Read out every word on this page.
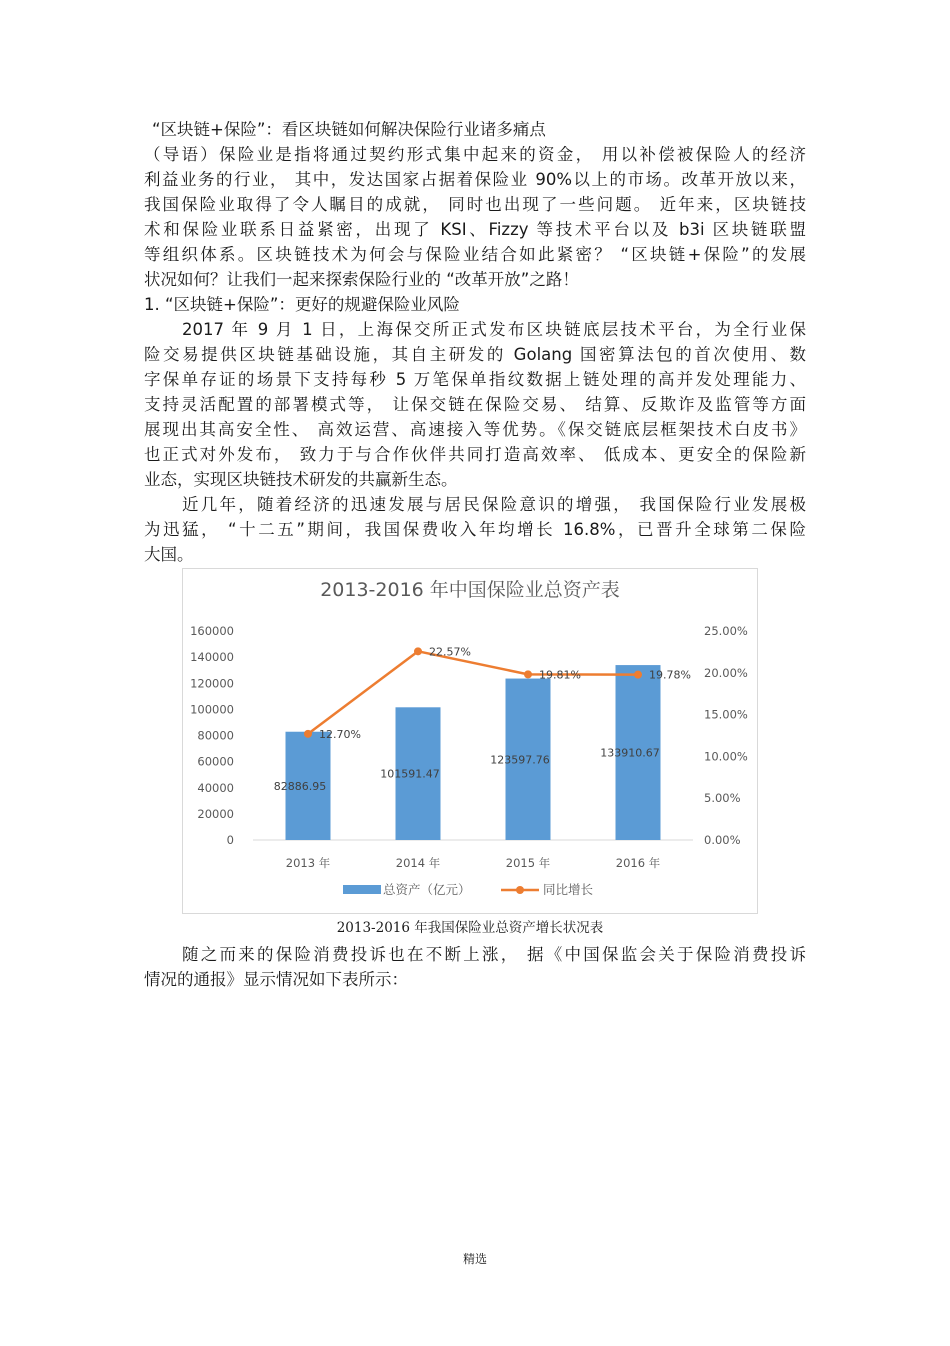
“区块链+保险”：看区块链如何解决保险行业诸多痛点
（导语）保险业是指将通过契约形式集中起来的资金， 用以补偿被保险人的经济
利益业务的行业， 其中，发达国家占据着保险业 90%以上的市场。改革开放以来，
我国保险业取得了令人瞩目的成就， 同时也出现了一些问题。 近年来，区块链技
术和保险业联系日益紧密，出现了 KSI、Fizzy 等技术平台以及 b3i 区块链联盟
等组织体系。区块链技术为何会与保险业结合如此紧密？ “区块链+保险”的发展
状况如何？让我们一起来探索保险行业的 “改革开放”之路！
1. “区块链+保险”：更好的规避保险业风险
2017 年 9 月 1 日，上海保交所正式发布区块链底层技术平台，为全行业保
险交易提供区块链基础设施，其自主研发的 Golang 国密算法包的首次使用、数
字保单存证的场景下支持每秒 5 万笔保单指纹数据上链处理的高并发处理能力、
支持灵活配置的部署模式等， 让保交链在保险交易、 结算、反欺诈及监管等方面
展现出其高安全性、 高效运营、高速接入等优势。《保交链底层框架技术白皮书》
也正式对外发布， 致力于与合作伙伴共同打造高效率、 低成本、更安全的保险新
业态，实现区块链技术研发的共赢新生态。
近几年，随着经济的迅速发展与居民保险意识的增强， 我国保险行业发展极
为迅猛， “十二五”期间，我国保费收入年均增长 16.8%，已晋升全球第二保险
大国。
2013-2016 年中国保险业总资产表
0
20000
40000
60000
80000
100000
120000
140000
160000
0.00%
5.00%
10.00%
15.00%
20.00%
25.00%
82886.95
101591.47
123597.76
133910.67
12.70%
22.57%
19.81%	19.78%
2013 年	2014 年	2015 年	2016 年
总资产（亿元）	同比增长
2013-2016 年我国保险业总资产增长状况表
随之而来的保险消费投诉也在不断上涨， 据《中国保监会关于保险消费投诉
情况的通报》显示情况如下表所示：
精选
